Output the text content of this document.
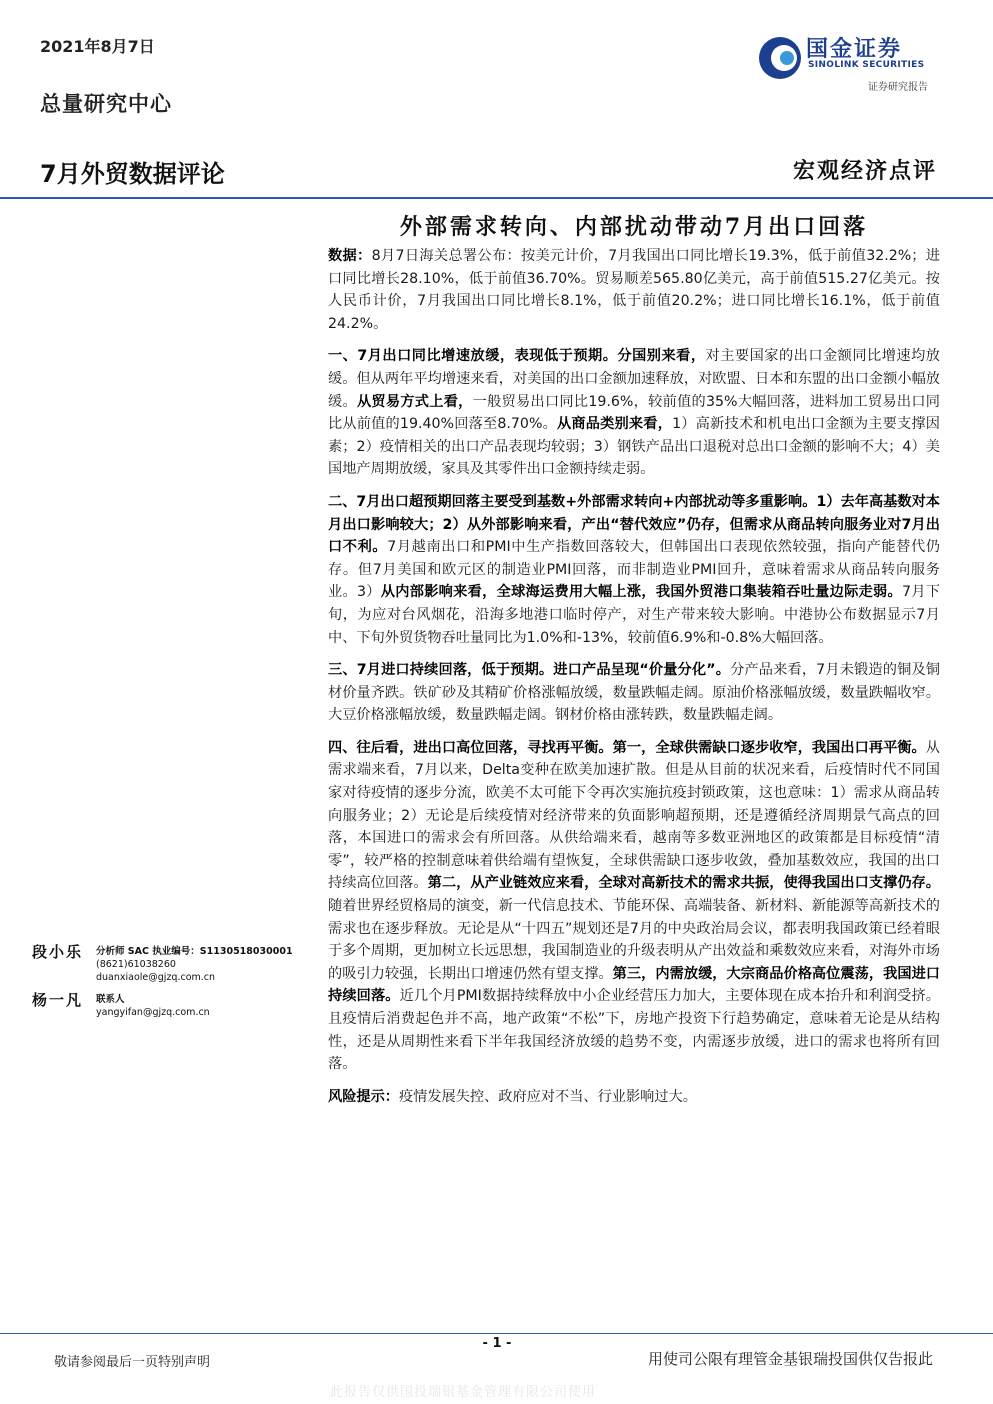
2021年8月7日
总量研究中心
国金证券
SINOLINK SECURITIES
证券研究报告
7月外贸数据评论	宏观经济点评
外部需求转向、内部扰动带动7月出口回落

数据：8月7日海关总署公布：按美元计价，7月我国出口同比增长19.3%，低于前值32.2%；进口同比增长28.10%，低于前值36.70%。贸易顺差565.80亿美元，高于前值515.27亿美元。按人民币计价，7月我国出口同比增长8.1%，低于前值20.2%；进口同比增长16.1%，低于前值24.2%。

一、7月出口同比增速放缓，表现低于预期。分国别来看，对主要国家的出口金额同比增速均放缓。但从两年平均增速来看，对美国的出口金额加速释放，对欧盟、日本和东盟的出口金额小幅放缓。从贸易方式上看，一般贸易出口同比19.6%，较前值的35%大幅回落，进料加工贸易出口同比从前值的19.40%回落至8.70%。从商品类别来看，1）高新技术和机电出口金额为主要支撑因素；2）疫情相关的出口产品表现均较弱；3）钢铁产品出口退税对总出口金额的影响不大；4）美国地产周期放缓，家具及其零件出口金额持续走弱。

二、7月出口超预期回落主要受到基数+外部需求转向+内部扰动等多重影响。1）去年高基数对本月出口影响较大；2）从外部影响来看，产出“替代效应”仍存，但需求从商品转向服务业对7月出口不利。7月越南出口和PMI中生产指数回落较大，但韩国出口表现依然较强，指向产能替代仍存。但7月美国和欧元区的制造业PMI回落，而非制造业PMI回升，意味着需求从商品转向服务业。3）从内部影响来看，全球海运费用大幅上涨，我国外贸港口集装箱吞吐量边际走弱。7月下旬，为应对台风烟花，沿海多地港口临时停产，对生产带来较大影响。中港协公布数据显示7月中、下旬外贸货物吞吐量同比为1.0%和-13%，较前值6.9%和-0.8%大幅回落。

三、7月进口持续回落，低于预期。进口产品呈现“价量分化”。分产品来看，7月未锻造的铜及铜材价量齐跌。铁矿砂及其精矿价格涨幅放缓，数量跌幅走阔。原油价格涨幅放缓，数量跌幅收窄。大豆价格涨幅放缓，数量跌幅走阔。钢材价格由涨转跌，数量跌幅走阔。

四、往后看，进出口高位回落，寻找再平衡。第一，全球供需缺口逐步收窄，我国出口再平衡。从需求端来看，7月以来，Delta变种在欧美加速扩散。但是从目前的状况来看，后疫情时代不同国家对待疫情的逐步分流，欧美不太可能下令再次实施抗疫封锁政策，这也意味：1）需求从商品转向服务业；2）无论是后续疫情对经济带来的负面影响超预期，还是遵循经济周期景气高点的回落，本国进口的需求会有所回落。从供给端来看，越南等多数亚洲地区的政策都是目标疫情“清零”，较严格的控制意味着供给端有望恢复，全球供需缺口逐步收敛，叠加基数效应，我国的出口持续高位回落。第二，从产业链效应来看，全球对高新技术的需求共振，使得我国出口支撑仍存。随着世界经贸格局的演变，新一代信息技术、节能环保、高端装备、新材料、新能源等高新技术的需求也在逐步释放。无论是从“十四五”规划还是7月的中央政治局会议，都表明我国政策已经着眼于多个周期，更加树立长远思想，我国制造业的升级表明从产出效益和乘数效应来看，对海外市场的吸引力较强，长期出口增速仍然有望支撑。第三，内需放缓，大宗商品价格高位震荡，我国进口持续回落。近几个月PMI数据持续释放中小企业经营压力加大，主要体现在成本抬升和利润受挤。且疫情后消费起色并不高，地产政策“不松”下，房地产投资下行趋势确定，意味着无论是从结构性，还是从周期性来看下半年我国经济放缓的趋势不变，内需逐步放缓，进口的需求也将所有回落。

风险提示：疫情发展失控、政府应对不当、行业影响过大。

段小乐 分析师 SAC 执业编号：S1130518030001
(8621)61038260
duanxiaole@gjzq.com.cn
杨一凡 联系人
yangyifan@gjzq.com.cn
- 1 -
敬请参阅最后一页特别声明	用使司公限有理管金基银瑞投国供仅告报此
此报告仅供国投瑞银基金管理有限公司使用
